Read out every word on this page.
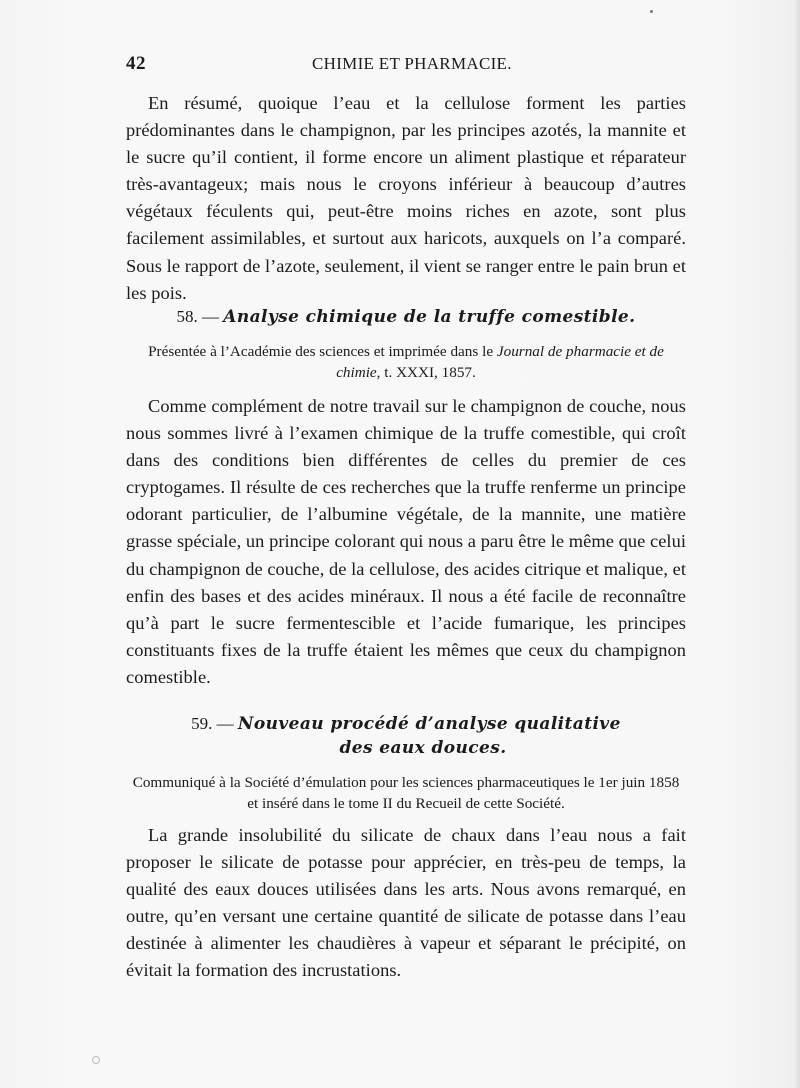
42	CHIMIE ET PHARMACIE.

En résumé, quoique l’eau et la cellulose forment les parties prédominantes dans le champignon, par les principes azotés, la mannite et le sucre qu’il contient, il forme encore un aliment plastique et réparateur très-avantageux; mais nous le croyons inférieur à beaucoup d’autres végétaux féculents qui, peut-être moins riches en azote, sont plus facilement assimilables, et surtout aux haricots, auxquels on l’a comparé. Sous le rapport de l’azote, seulement, il vient se ranger entre le pain brun et les pois.

58. — Analyse chimique de la truffe comestible.

Présentée à l’Académie des sciences et imprimée dans le Journal de pharmacie et de chimie, t. XXXI, 1857.

Comme complément de notre travail sur le champignon de couche, nous nous sommes livré à l’examen chimique de la truffe comestible, qui croît dans des conditions bien différentes de celles du premier de ces cryptogames. Il résulte de ces recherches que la truffe renferme un principe odorant particulier, de l’albumine végétale, de la mannite, une matière grasse spéciale, un principe colorant qui nous a paru être le même que celui du champignon de couche, de la cellulose, des acides citrique et malique, et enfin des bases et des acides minéraux. Il nous a été facile de reconnaître qu’à part le sucre fermentescible et l’acide fumarique, les principes constituants fixes de la truffe étaient les mêmes que ceux du champignon comestible.

59. — Nouveau procédé d’analyse qualitative
des eaux douces.

Communiqué à la Société d’émulation pour les sciences pharmaceutiques le 1er juin 1858 et inséré dans le tome II du Recueil de cette Société.

La grande insolubilité du silicate de chaux dans l’eau nous a fait proposer le silicate de potasse pour apprécier, en très-peu de temps, la qualité des eaux douces utilisées dans les arts. Nous avons remarqué, en outre, qu’en versant une certaine quantité de silicate de potasse dans l’eau destinée à alimenter les chaudières à vapeur et séparant le précipité, on évitait la formation des incrustations.
